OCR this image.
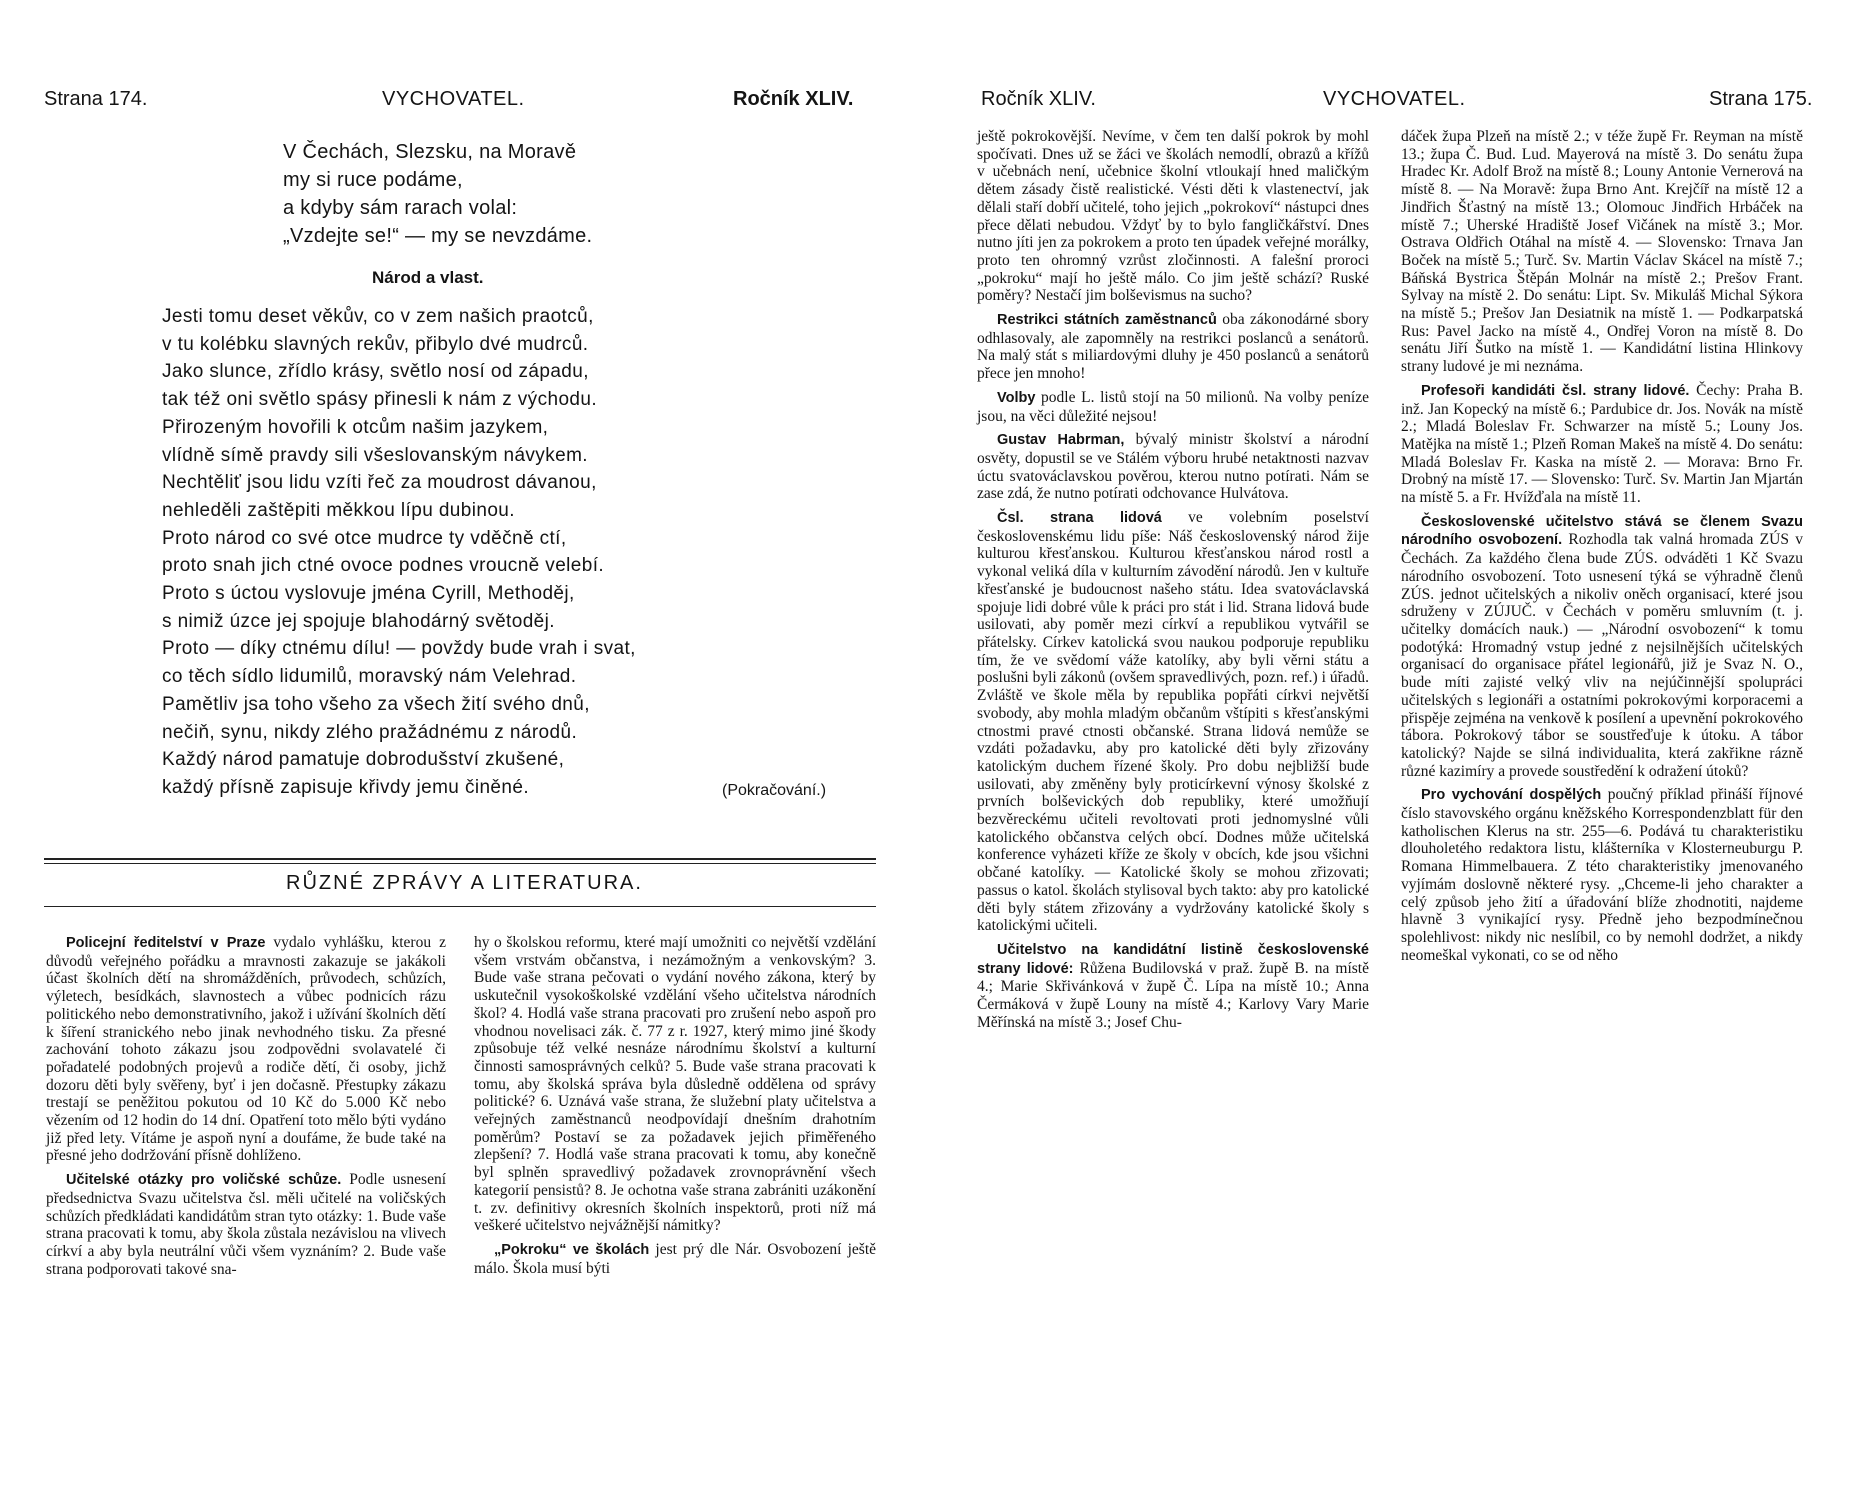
Strana 174.	VYCHOVATEL.	Ročník XLIV.
V Čechách, Slezsku, na Moravě
my si ruce podáme,
a kdyby sám rarach volal:
„Vzdejte se!“ — my se nevzdáme.
Národ a vlast.
Jesti tomu deset věkův, co v zem našich praotců,
v tu kolébku slavných rekův, přibylo dvé mudrců.
Jako slunce, zřídlo krásy, světlo nosí od západu,
tak též oni světlo spásy přinesli k nám z východu.
Přirozeným hovořili k otcům našim jazykem,
vlídně símě pravdy sili všeslovanským návykem.
Nechtěliť jsou lidu vzíti řeč za moudrost dávanou,
nehleděli zaštěpiti měkkou lípu dubinou.
Proto národ co své otce mudrce ty vděčně ctí,
proto snah jich ctné ovoce podnes vroucně velebí.
Proto s úctou vyslovuje jména Cyrill, Methoděj,
s nimiž úzce jej spojuje blahodárný světoděj.
Proto — díky ctnému dílu! — povždy bude vrah i svat,
co těch sídlo lidumilů, moravský nám Velehrad.
Pamětliv jsa toho všeho za všech žití svého dnů,
nečiň, synu, nikdy zlého pražádnému z národů.
Každý národ pamatuje dobrodušství zkušené,
každý přísně zapisuje křivdy jemu činěné.	(Pokračování.)
RŮZNÉ ZPRÁVY A LITERATURA.

Policejní ředitelství v Praze vydalo vyhlášku, kterou z důvodů veřejného pořádku a mravnosti zakazuje se jakákoli účast školních dětí na shromážděních, průvodech, schůzích, výletech, besídkách, slavnostech a vůbec podnicích rázu politického nebo demonstrativního, jakož i užívání školních dětí k šíření stranického nebo jinak nevhodného tisku. Za přesné zachování tohoto zákazu jsou zodpovědni svolavatelé či pořadatelé podobných projevů a rodiče dětí, či osoby, jichž dozoru děti byly svěřeny, byť i jen dočasně. Přestupky zákazu trestají se peněžitou pokutou od 10 Kč do 5.000 Kč nebo vězením od 12 hodin do 14 dní. Opatření toto mělo býti vydáno již před lety. Vítáme je aspoň nyní a doufáme, že bude také na přesné jeho dodržování přísně dohlíženo.

Učitelské otázky pro voličské schůze. Podle usnesení předsednictva Svazu učitelstva čsl. měli učitelé na voličských schůzích předkládati kandidátům stran tyto otázky: 1. Bude vaše strana pracovati k tomu, aby škola zůstala nezávislou na vlivech církví a aby byla neutrální vůči všem vyznáním? 2. Bude vaše strana podporovati takové sna-

hy o školskou reformu, které mají umožniti co největší vzdělání všem vrstvám občanstva, i nezámožným a venkovským? 3. Bude vaše strana pečovati o vydání nového zákona, který by uskutečnil vysokoškolské vzdělání všeho učitelstva národních škol? 4. Hodlá vaše strana pracovati pro zrušení nebo aspoň pro vhodnou novelisaci zák. č. 77 z r. 1927, který mimo jiné škody způsobuje též velké nesnáze národnímu školství a kulturní činnosti samosprávných celků? 5. Bude vaše strana pracovati k tomu, aby školská správa byla důsledně oddělena od správy politické? 6. Uznává vaše strana, že služební platy učitelstva a veřejných zaměstnanců neodpovídají dnešním drahotním poměrům? Postaví se za požadavek jejich přiměřeného zlepšení? 7. Hodlá vaše strana pracovati k tomu, aby konečně byl splněn spravedlivý požadavek zrovnoprávnění všech kategorií pensistů? 8. Je ochotna vaše strana zabrániti uzákonění t. zv. definitivy okresních školních inspektorů, proti níž má veškeré učitelstvo nejvážnější námitky?

„Pokroku“ ve školách jest prý dle Nár. Osvobození ještě málo. Škola musí býti

Ročník XLIV.	VYCHOVATEL.	Strana 175.

ještě pokrokovější. Nevíme, v čem ten další pokrok by mohl spočívati. Dnes už se žáci ve školách nemodlí, obrazů a křížů v učebnách není, učebnice školní vtloukají hned maličkým dětem zásady čistě realistické. Vésti děti k vlastenectví, jak dělali staří dobří učitelé, toho jejich „pokrokoví“ nástupci dnes přece dělati nebudou. Vždyť by to bylo fangličkářství. Dnes nutno jíti jen za pokrokem a proto ten úpadek veřejné morálky, proto ten ohromný vzrůst zločinnosti. A falešní proroci „pokroku“ mají ho ještě málo. Co jim ještě schází? Ruské poměry? Nestačí jim bolševismus na sucho?

Restrikci státních zaměstnanců oba zákonodárné sbory odhlasovaly, ale zapomněly na restrikci poslanců a senátorů. Na malý stát s miliardovými dluhy je 450 poslanců a senátorů přece jen mnoho!

Volby podle L. listů stojí na 50 milionů. Na volby peníze jsou, na věci důležité nejsou!

Gustav Habrman, bývalý ministr školství a národní osvěty, dopustil se ve Stálém výboru hrubé netaktnosti nazvav úctu svatováclavskou pověrou, kterou nutno potírati. Nám se zase zdá, že nutno potírati odchovance Hulvátova.

Čsl. strana lidová ve volebním poselství československému lidu píše: Náš československý národ žije kulturou křesťanskou. Kulturou křesťanskou národ rostl a vykonal veliká díla v kulturním závodění národů. Jen v kultuře křesťanské je budoucnost našeho státu. Idea svatováclavská spojuje lidi dobré vůle k práci pro stát i lid. Strana lidová bude usilovati, aby poměr mezi církví a republikou vytvářil se přátelsky. Církev katolická svou naukou podporuje republiku tím, že ve svědomí váže katolíky, aby byli věrni státu a poslušni byli zákonů (ovšem spravedlivých, pozn. ref.) i úřadů. Zvláště ve škole měla by republika popřáti církvi největší svobody, aby mohla mladým občanům vštípiti s křesťanskými ctnostmi pravé ctnosti občanské. Strana lidová nemůže se vzdáti požadavku, aby pro katolické děti byly zřizovány katolickým duchem řízené školy. Pro dobu nejbližší bude usilovati, aby změněny byly proticírkevní výnosy školské z prvních bolševických dob republiky, které umožňují bezvěreckému učiteli revoltovati proti jednomyslné vůli katolického občanstva celých obcí. Dodnes může učitelská konference vyházeti kříže ze školy v obcích, kde jsou všichni občané katolíky. — Katolické školy se mohou zřizovati; passus o katol. školách stylisoval bych takto: aby pro katolické děti byly státem zřizovány a vydržovány katolické školy s katolickými učiteli.

Učitelstvo na kandidátní listině československé strany lidové: Růžena Budilovská v praž. župě B. na místě 4.; Marie Skřivánková v župě Č. Lípa na místě 10.; Anna Čermáková v župě Louny na místě 4.; Karlovy Vary Marie Měřínská na místě 3.; Josef Chu-

dáček župa Plzeň na místě 2.; v téže župě Fr. Reyman na místě 13.; župa Č. Bud. Lud. Mayerová na místě 3. Do senátu župa Hradec Kr. Adolf Brož na místě 8.; Louny Antonie Vernerová na místě 8. — Na Moravě: župa Brno Ant. Krejčíř na místě 12 a Jindřich Šťastný na místě 13.; Olomouc Jindřich Hrbáček na místě 7.; Uherské Hradiště Josef Vičánek na místě 3.; Mor. Ostrava Oldřich Otáhal na místě 4. — Slovensko: Trnava Jan Boček na místě 5.; Turč. Sv. Martin Václav Skácel na místě 7.; Báňská Bystrica Štěpán Molnár na místě 2.; Prešov Frant. Sylvay na místě 2. Do senátu: Lipt. Sv. Mikuláš Michal Sýkora na místě 5.; Prešov Jan Desiatnik na místě 1. — Podkarpatská Rus: Pavel Jacko na místě 4., Ondřej Voron na místě 8. Do senátu Jiří Šutko na místě 1. — Kandidátní listina Hlinkovy strany ludové je mi neznáma.

Profesoři kandidáti čsl. strany lidové. Čechy: Praha B. inž. Jan Kopecký na místě 6.; Pardubice dr. Jos. Novák na místě 2.; Mladá Boleslav Fr. Schwarzer na místě 5.; Louny Jos. Matějka na místě 1.; Plzeň Roman Makeš na místě 4. Do senátu: Mladá Boleslav Fr. Kaska na místě 2. — Morava: Brno Fr. Drobný na místě 17. — Slovensko: Turč. Sv. Martin Jan Mjartán na místě 5. a Fr. Hvížďala na místě 11.

Československé učitelstvo stává se členem Svazu národního osvobození. Rozhodla tak valná hromada ZÚS v Čechách. Za každého člena bude ZÚS. odváděti 1 Kč Svazu národního osvobození. Toto usnesení týká se výhradně členů ZÚS. jednot učitelských a nikoliv oněch organisací, které jsou sdruženy v ZÚJUČ. v Čechách v poměru smluvním (t. j. učitelky domácích nauk.) — „Národní osvobození“ k tomu podotýká: Hromadný vstup jedné z nejsilnějších učitelských organisací do organisace přátel legionářů, již je Svaz N. O., bude míti zajisté velký vliv na nejúčinnější spolupráci učitelských s legionáři a ostatními pokrokovými korporacemi a přispěje zejména na venkově k posílení a upevnění pokrokového tábora. Pokrokový tábor se soustřeďuje k útoku. A tábor katolický? Najde se silná individualita, která zakřikne rázně různé kazimíry a provede soustředění k odražení útoků?

Pro vychování dospělých poučný příklad přináší říjnové číslo stavovského orgánu kněžského Korrespondenzblatt für den katholischen Klerus na str. 255—6. Podává tu charakteristiku dlouholetého redaktora listu, klášterníka v Klosterneuburgu P. Romana Himmelbauera. Z této charakteristiky jmenovaného vyjímám doslovně některé rysy. „Chceme-li jeho charakter a celý způsob jeho žití a úřadování blíže zhodnotiti, najdeme hlavně 3 vynikající rysy. Předně jeho bezpodmínečnou spolehlivost: nikdy nic neslíbil, co by nemohl dodržet, a nikdy neomeškal vykonati, co se od něho
